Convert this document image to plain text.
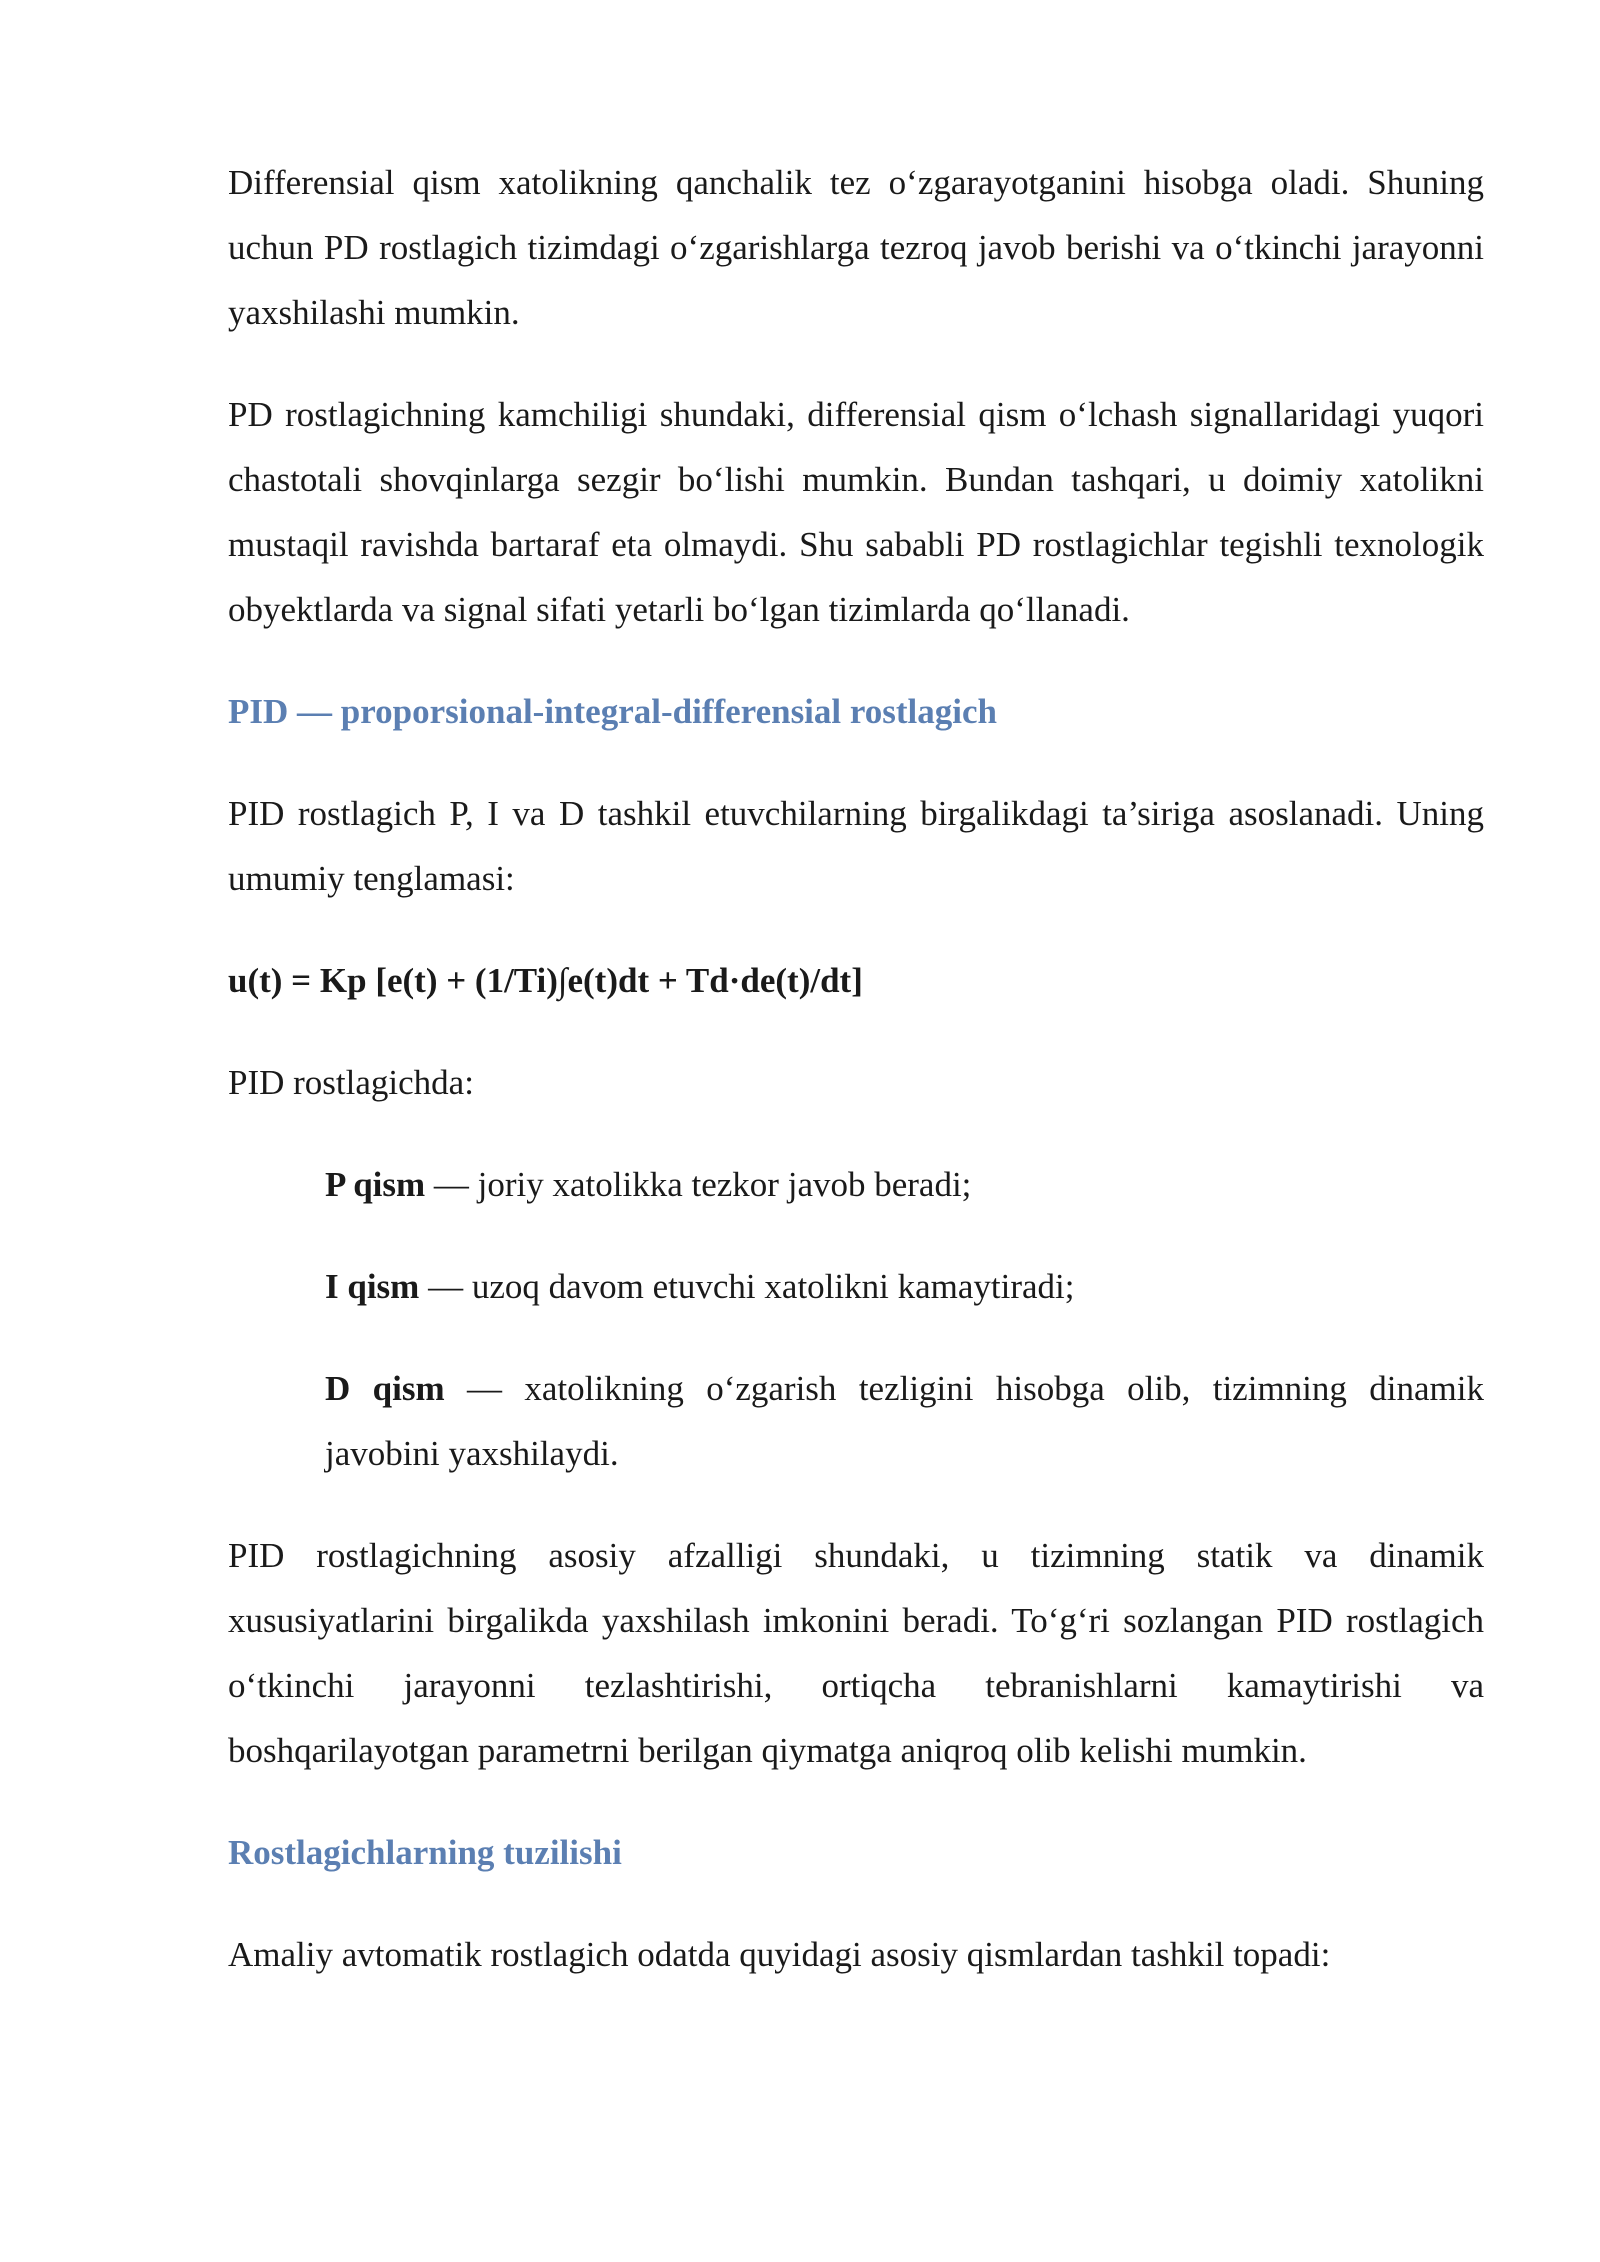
Differensial qism xatolikning qanchalik tez o‘zgarayotganini hisobga oladi. Shuning uchun PD rostlagich tizimdagi o‘zgarishlarga tezroq javob berishi va o‘tkinchi jarayonni yaxshilashi mumkin.

PD rostlagichning kamchiligi shundaki, differensial qism o‘lchash signallaridagi yuqori chastotali shovqinlarga sezgir bo‘lishi mumkin. Bundan tashqari, u doimiy xatolikni mustaqil ravishda bartaraf eta olmaydi. Shu sababli PD rostlagichlar tegishli texnologik obyektlarda va signal sifati yetarli bo‘lgan tizimlarda qo‘llanadi.

PID — proporsional-integral-differensial rostlagich

PID rostlagich P, I va D tashkil etuvchilarning birgalikdagi ta’siriga asoslanadi. Uning umumiy tenglamasi:

u(t) = Kp [e(t) + (1/Ti)∫e(t)dt + Td·de(t)/dt]

PID rostlagichda:

P qism — joriy xatolikka tezkor javob beradi;

I qism — uzoq davom etuvchi xatolikni kamaytiradi;

D qism — xatolikning o‘zgarish tezligini hisobga olib, tizimning dinamik javobini yaxshilaydi.

PID rostlagichning asosiy afzalligi shundaki, u tizimning statik va dinamik xususiyatlarini birgalikda yaxshilash imkonini beradi. To‘g‘ri sozlangan PID rostlagich o‘tkinchi jarayonni tezlashtirishi, ortiqcha tebranishlarni kamaytirishi va boshqarilayotgan parametrni berilgan qiymatga aniqroq olib kelishi mumkin.

Rostlagichlarning tuzilishi

Amaliy avtomatik rostlagich odatda quyidagi asosiy qismlardan tashkil topadi:
